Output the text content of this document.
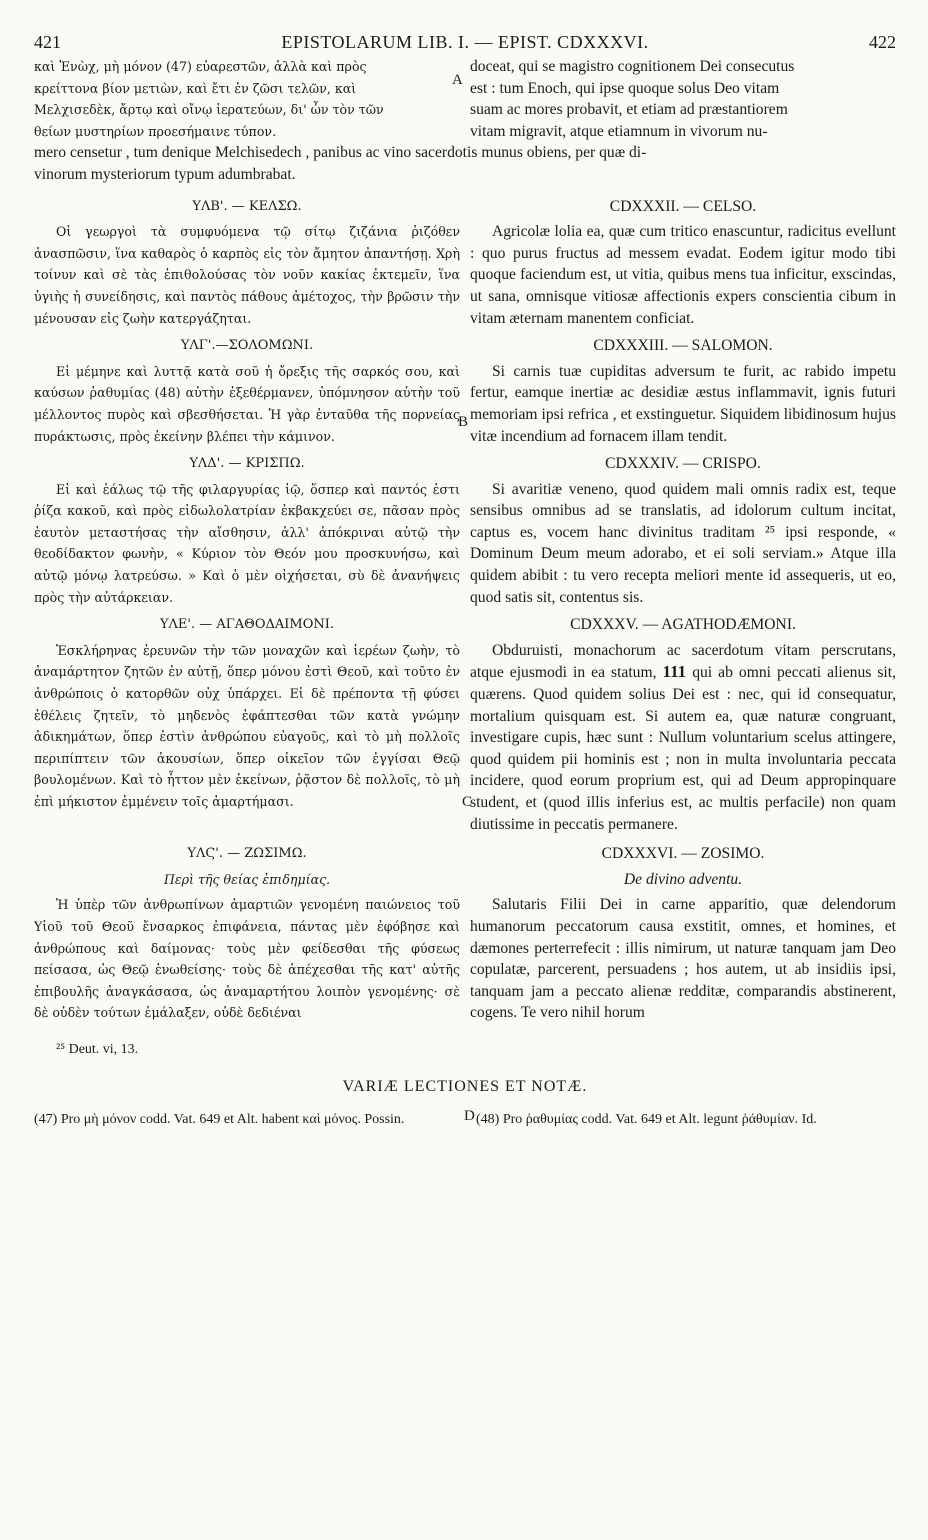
421	EPISTOLARUM LIB. I. — EPIST. CDXXXVI.	422
A
B
C
D
καὶ Ἐνὼχ, μὴ μόνον (47) εὐαρεστῶν, ἀλλὰ καὶ πρὸς
κρείττονα βίον μετιὼν, καὶ ἔτι ἐν ζῶσι τελῶν, καὶ
Μελχισεδὲκ, ἄρτῳ καὶ οἴνῳ ἱερατεύων, δι' ὧν τὸν τῶν
θείων μυστηρίων προεσήμαινε τύπον.
doceat, qui se magistro cognitionem Dei consecutus
est : tum Enoch, qui ipse quoque solus Deo vitam
suam ac mores probavit, et etiam ad præstantiorem
vitam migravit, atque etiamnum in vivorum nu-
mero censetur , tum denique Melchisedech , panibus ac vino sacerdotis munus obiens, per quæ di-
vinorum mysteriorum typum adumbrabat.
ΥΛΒ'. — ΚΕΛΣΩ.

Οἱ γεωργοὶ τὰ συμφυόμενα τῷ σίτῳ ζιζάνια ῥιζόθεν ἀνασπῶσιν, ἵνα καθαρὸς ὁ καρπὸς εἰς τὸν ἄμητον ἀπαντήσῃ. Χρὴ τοίνυν καὶ σὲ τὰς ἐπιθολούσας τὸν νοῦν κακίας ἐκτεμεῖν, ἵνα ὑγιὴς ἡ συνείδησις, καὶ παντὸς πάθους ἀμέτοχος, τὴν βρῶσιν τὴν μένουσαν εἰς ζωὴν κατεργάζηται.

CDXXXII. — CELSO.

Agricolæ lolia ea, quæ cum tritico enascuntur, radicitus evellunt : quo purus fructus ad messem evadat. Eodem igitur modo tibi quoque faciendum est, ut vitia, quibus mens tua inficitur, exscindas, ut sana, omnisque vitiosæ affectionis expers conscientia cibum in vitam æternam manentem conficiat.

ΥΛΓ'.—ΣΟΛΟΜΩΝΙ.

Εἰ μέμηνε καὶ λυττᾷ κατὰ σοῦ ἡ ὄρεξις τῆς σαρκός σου, καὶ καύσων ῥαθυμίας (48) αὐτὴν ἐξεθέρμανεν, ὑπόμνησον αὐτὴν τοῦ μέλλοντος πυρὸς καὶ σβεσθήσεται. Ἡ γὰρ ἐνταῦθα τῆς πορνείας πυράκτωσις, πρὸς ἐκείνην βλέπει τὴν κάμινον.

CDXXXIII. — SALOMON.

Si carnis tuæ cupiditas adversum te furit, ac rabido impetu fertur, eamque inertiæ ac desidiæ æstus inflammavit, ignis futuri memoriam ipsi refrica , et exstinguetur. Siquidem libidinosum hujus vitæ incendium ad fornacem illam tendit.

ΥΛΔ'. — ΚΡΙΣΠΩ.

Εἰ καὶ ἑάλως τῷ τῆς φιλαργυρίας ἰῷ, ὅσπερ καὶ παντός ἐστι ῥίζα κακοῦ, καὶ πρὸς εἰδωλολατρίαν ἐκβακχεύει σε, πᾶσαν πρὸς ἑαυτὸν μεταστήσας τὴν αἴσθησιν, ἀλλ' ἀπόκριναι αὐτῷ τὴν θεοδίδακτον φωνὴν, « Κύριον τὸν Θεόν μου προσκυνήσω, καὶ αὐτῷ μόνῳ λατρεύσω. » Καὶ ὁ μὲν οἰχήσεται, σὺ δὲ ἀνανήψεις πρὸς τὴν αὐτάρκειαν.

CDXXXIV. — CRISPO.

Si avaritiæ veneno, quod quidem mali omnis radix est, teque sensibus omnibus ad se translatis, ad idolorum cultum incitat, captus es, vocem hanc divinitus traditam ²⁵ ipsi responde, « Dominum Deum meum adorabo, et ei soli serviam.» Atque illa quidem abibit : tu vero recepta meliori mente id assequeris, ut eo, quod satis sit, contentus sis.

ΥΛΕ'. — ΑΓΑΘΟΔΑΙΜΟΝΙ.

Ἐσκλήρηνας ἐρευνῶν τὴν τῶν μοναχῶν καὶ ἱερέων ζωὴν, τὸ ἀναμάρτητον ζητῶν ἐν αὐτῇ, ὅπερ μόνου ἐστὶ Θεοῦ, καὶ τοῦτο ἐν ἀνθρώποις ὁ κατορθῶν οὐχ ὑπάρχει. Εἰ δὲ πρέποντα τῇ φύσει ἐθέλεις ζητεῖν, τὸ μηδενὸς ἐφάπτεσθαι τῶν κατὰ γνώμην ἀδικημάτων, ὅπερ ἐστὶν ἀνθρώπου εὐαγοῦς, καὶ τὸ μὴ πολλοῖς περιπίπτειν τῶν ἀκουσίων, ὅπερ οἰκεῖον τῶν ἐγγίσαι Θεῷ βουλομένων. Καὶ τὸ ἧττον μὲν ἐκείνων, ῥᾷστον δὲ πολλοῖς, τὸ μὴ ἐπὶ μήκιστον ἐμμένειν τοῖς ἁμαρτήμασι.

CDXXXV. — AGATHODÆMONI.

Obduruisti, monachorum ac sacerdotum vitam perscrutans, atque ejusmodi in ea statum, 111 qui ab omni peccati alienus sit, quærens. Quod quidem solius Dei est : nec, qui id consequatur, mortalium quisquam est. Si autem ea, quæ naturæ congruant, investigare cupis, hæc sunt : Nullum voluntarium scelus attingere, quod quidem pii hominis est ; non in multa involuntaria peccata incidere, quod eorum proprium est, qui ad Deum appropinquare student, et (quod illis inferius est, ac multis perfacile) non quam diutissime in peccatis permanere.

ΥΛϚ'. — ΖΩΣΙΜΩ.
Περὶ τῆς θείας ἐπιδημίας.

Ἡ ὑπὲρ τῶν ἀνθρωπίνων ἁμαρτιῶν γενομένη παιώνειος τοῦ Υἱοῦ τοῦ Θεοῦ ἔνσαρκος ἐπιφάνεια, πάντας μὲν ἐφόβησε καὶ ἀνθρώπους καὶ δαίμονας· τοὺς μὲν φείδεσθαι τῆς φύσεως πείσασα, ὡς Θεῷ ἑνωθείσης· τοὺς δὲ ἀπέχεσθαι τῆς κατ' αὐτῆς ἐπιβουλῆς ἀναγκάσασα, ὡς ἀναμαρτήτου λοιπὸν γενομένης· σὲ δὲ οὐδὲν τούτων ἐμάλαξεν, οὐδὲ δεδιέναι

CDXXXVI. — ZOSIMO.
De divino adventu.

Salutaris Filii Dei in carne apparitio, quæ delendorum humanorum peccatorum causa exstitit, omnes, et homines, et dæmones perterrefecit : illis nimirum, ut naturæ tanquam jam Deo copulatæ, parcerent, persuadens ; hos autem, ut ab insidiis ipsi, tanquam jam a peccato alienæ redditæ, comparandis abstinerent, cogens. Te vero nihil horum

²⁵ Deut. vi, 13.
VARIÆ LECTIONES ET NOTÆ.
(47) Pro μὴ μόνον codd. Vat. 649 et Alt. habent καὶ μόνος. Possin.	(48) Pro ῥαθυμίας codd. Vat. 649 et Alt. legunt ῥάθυμίαν. Id.
